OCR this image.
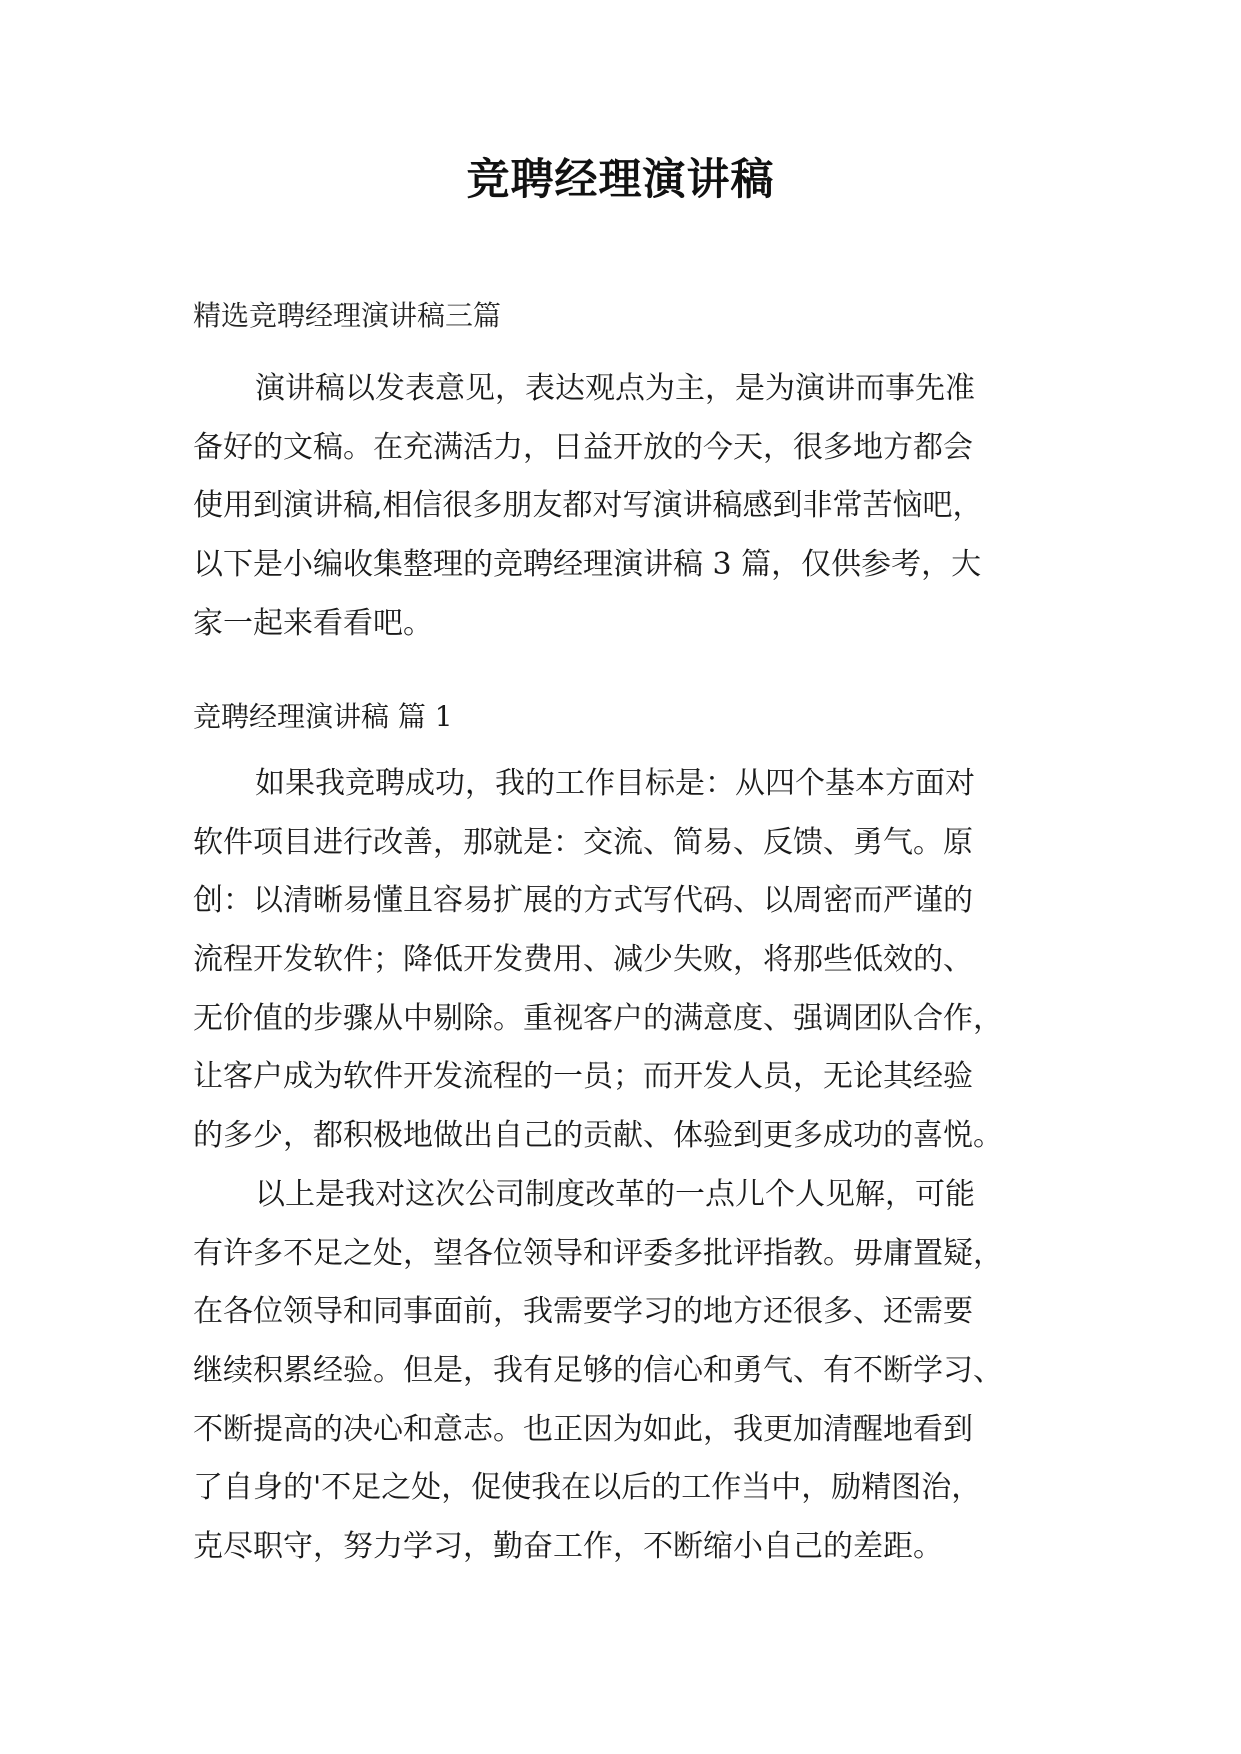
竞聘经理演讲稿
精选竞聘经理演讲稿三篇
演讲稿以发表意见，表达观点为主，是为演讲而事先准
备好的文稿。在充满活力，日益开放的今天，很多地方都会
使用到演讲稿,相信很多朋友都对写演讲稿感到非常苦恼吧，
以下是小编收集整理的竞聘经理演讲稿 3 篇，仅供参考，大
家一起来看看吧。
竞聘经理演讲稿 篇 1
如果我竞聘成功，我的工作目标是：从四个基本方面对
软件项目进行改善，那就是：交流、简易、反馈、勇气。原
创：以清晰易懂且容易扩展的方式写代码、以周密而严谨的
流程开发软件；降低开发费用、减少失败，将那些低效的、
无价值的步骤从中剔除。重视客户的满意度、强调团队合作，
让客户成为软件开发流程的一员；而开发人员，无论其经验
的多少，都积极地做出自己的贡献、体验到更多成功的喜悦。
以上是我对这次公司制度改革的一点儿个人见解，可能
有许多不足之处，望各位领导和评委多批评指教。毋庸置疑，
在各位领导和同事面前，我需要学习的地方还很多、还需要
继续积累经验。但是，我有足够的信心和勇气、有不断学习、
不断提高的决心和意志。也正因为如此，我更加清醒地看到
了自身的'不足之处，促使我在以后的工作当中，励精图治，
克尽职守，努力学习，勤奋工作，不断缩小自己的差距。
